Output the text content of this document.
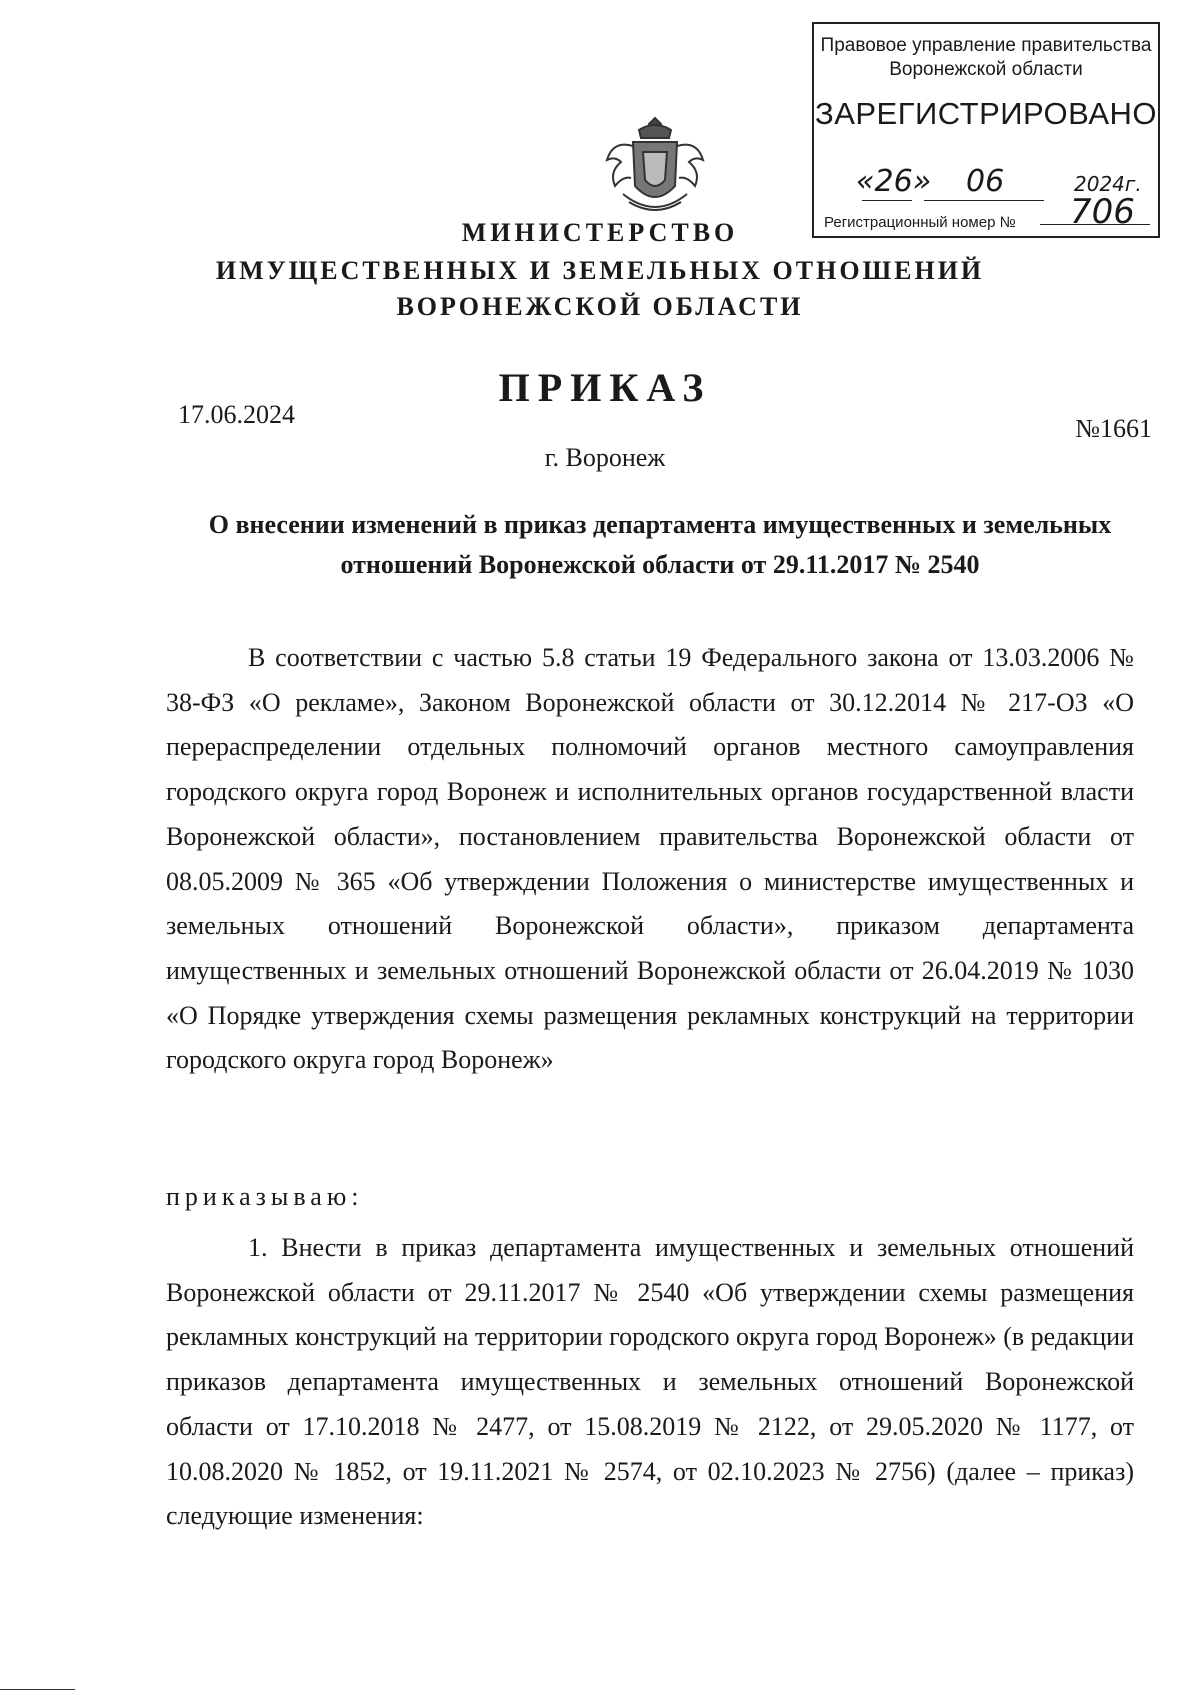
Правовое управление правительства
Воронежской области
ЗАРЕГИСТРИРОВАНО
«26» 06	2024г.
Регистрационный номер № 706
МИНИСТЕРСТВО
ИМУЩЕСТВЕННЫХ И ЗЕМЕЛЬНЫХ ОТНОШЕНИЙ
ВОРОНЕЖСКОЙ ОБЛАСТИ
ПРИКАЗ
17.06.2024	№1661
г. Воронеж
О внесении изменений в приказ департамента имущественных и земельных отношений Воронежской области от 29.11.2017 № 2540

В соответствии с частью 5.8 статьи 19 Федерального закона от 13.03.2006 № 38-ФЗ «О рекламе», Законом Воронежской области от 30.12.2014 № 217-ОЗ «О перераспределении отдельных полномочий органов местного самоуправления городского округа город Воронеж и исполнительных органов государственной власти Воронежской области», постановлением правительства Воронежской области от 08.05.2009 № 365 «Об утверждении Положения о министерстве имущественных и земельных отношений Воронежской области», приказом департамента имущественных и земельных отношений Воронежской области от 26.04.2019 № 1030 «О Порядке утверждения схемы размещения рекламных конструкций на территории городского округа город Воронеж»

приказываю:

1. Внести в приказ департамента имущественных и земельных отношений Воронежской области от 29.11.2017 № 2540 «Об утверждении схемы размещения рекламных конструкций на территории городского округа город Воронеж» (в редакции приказов департамента имущественных и земельных отношений Воронежской области от 17.10.2018 № 2477, от 15.08.2019 № 2122, от 29.05.2020 № 1177, от 10.08.2020 № 1852, от 19.11.2021 № 2574, от 02.10.2023 № 2756) (далее – приказ) следующие изменения:
